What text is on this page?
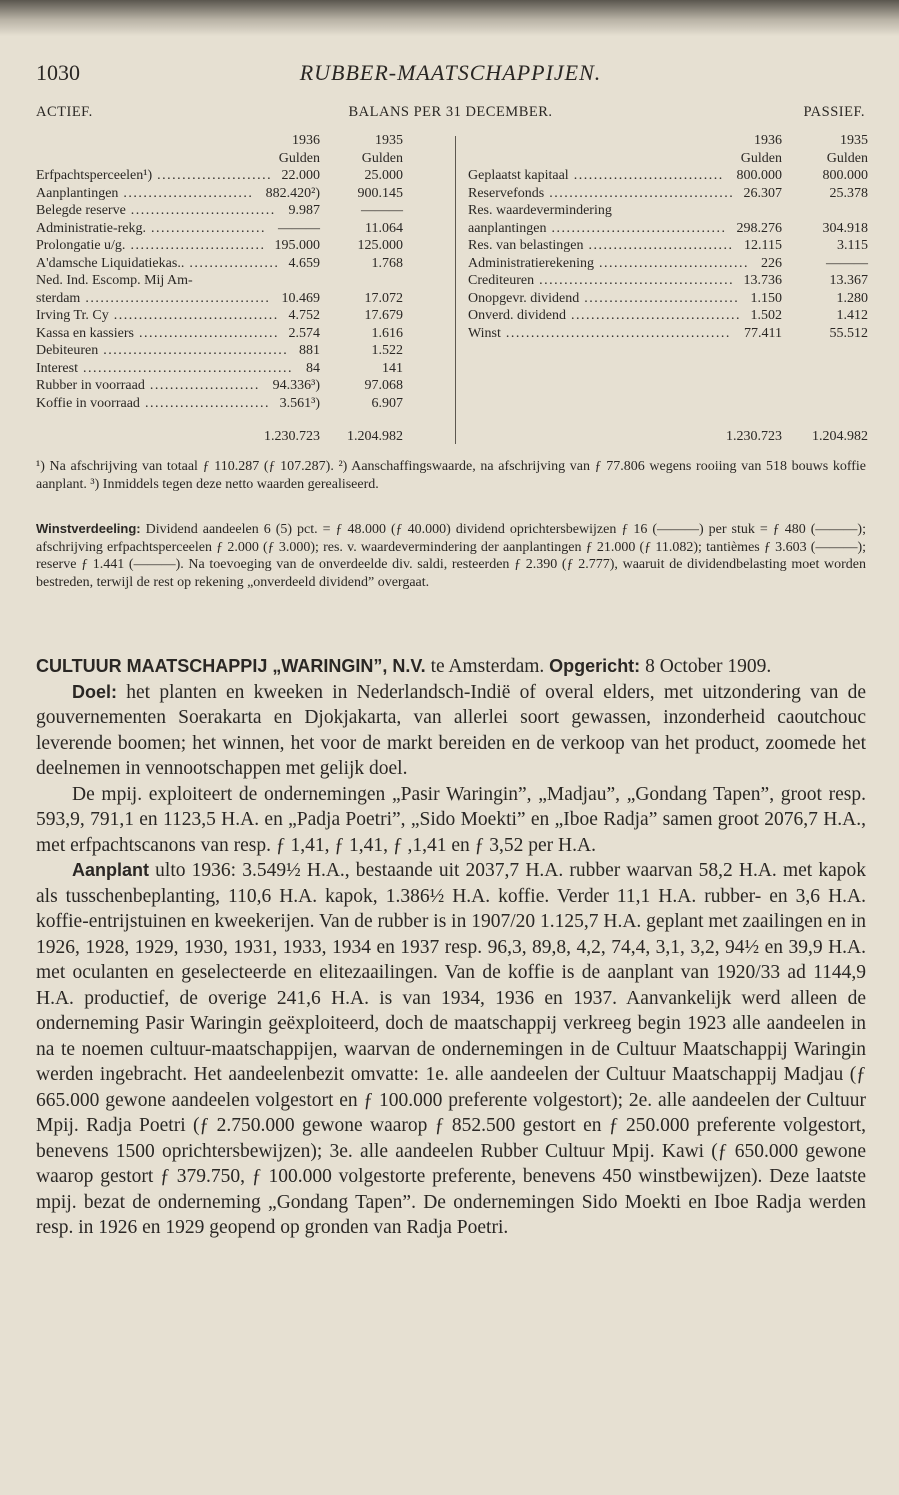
1030	RUBBER-MAATSCHAPPIJEN.
ACTIEF.	BALANS PER 31 DECEMBER.	PASSIEF.
1936	1935
Gulden	Gulden
Erfpachtsperceelen¹) ....................... 22.000	25.000
Aanplantingen .......................... 882.420²)	900.145
Belegde reserve ............................. 9.987	———
Administratie-rekg. ....................... ———	11.064
Prolongatie u/g. ........................... 195.000	125.000
A'damsche Liquidatiekas.. .................. 4.659	1.768
Ned. Ind. Escomp. Mij Am-
sterdam ..................................... 10.469	17.072
Irving Tr. Cy ................................. 4.752	17.679
Kassa en kassiers ............................ 2.574	1.616
Debiteuren ..................................... 881	1.522
Interest .......................................... 84	141
Rubber in voorraad ...................... 94.336³)	97.068
Koffie in voorraad ......................... 3.561³)	6.907
1.230.723 1.204.982
1936	1935
Gulden	Gulden
Geplaatst kapitaal .............................. 800.000	800.000
Reservefonds ..................................... 26.307	25.378
Res. waardevermindering
aanplantingen ................................... 298.276	304.918
Res. van belastingen ............................. 12.115	3.115
Administratierekening .............................. 226	———
Crediteuren ....................................... 13.736	13.367
Onopgevr. dividend ............................... 1.150	1.280
Onverd. dividend .................................. 1.502	1.412
Winst ............................................. 77.411	55.512
1.230.723 1.204.982

¹) Na afschrijving van totaal ƒ 110.287 (ƒ 107.287). ²) Aanschaffingswaarde, na afschrijving van ƒ 77.806 wegens rooiing van 518 bouws koffie aanplant. ³) Inmiddels tegen deze netto waarden gerealiseerd.

Winstverdeeling: Dividend aandeelen 6 (5) pct. = ƒ 48.000 (ƒ 40.000) dividend oprichtersbewijzen ƒ 16 (———) per stuk = ƒ 480 (———); afschrijving erfpachtsperceelen ƒ 2.000 (ƒ 3.000); res. v. waardevermindering der aanplantingen ƒ 21.000 (ƒ 11.082); tantièmes ƒ 3.603 (———); reserve ƒ 1.441 (———). Na toevoeging van de onverdeelde div. saldi, resteerden ƒ 2.390 (ƒ 2.777), waaruit de dividendbelasting moet worden bestreden, terwijl de rest op rekening „onverdeeld dividend” overgaat.

CULTUUR MAATSCHAPPIJ „WARINGIN”, N.V. te Amsterdam. Opgericht: 8 October 1909.

Doel: het planten en kweeken in Nederlandsch-Indië of overal elders, met uitzondering van de gouvernementen Soerakarta en Djokjakarta, van allerlei soort gewassen, inzonderheid caoutchouc leverende boomen; het winnen, het voor de markt bereiden en de verkoop van het product, zoomede het deelnemen in vennootschappen met gelijk doel.

De mpij. exploiteert de ondernemingen „Pasir Waringin”, „Madjau”, „Gondang Tapen”, groot resp. 593,9, 791,1 en 1123,5 H.A. en „Padja Poetri”, „Sido Moekti” en „Iboe Radja” samen groot 2076,7 H.A., met erfpachtscanons van resp. ƒ 1,41, ƒ 1,41, ƒ ,1,41 en ƒ 3,52 per H.A.

Aanplant ulto 1936: 3.549½ H.A., bestaande uit 2037,7 H.A. rubber waarvan 58,2 H.A. met kapok als tusschenbeplanting, 110,6 H.A. kapok, 1.386½ H.A. koffie. Verder 11,1 H.A. rubber- en 3,6 H.A. koffie-entrijstuinen en kweekerijen. Van de rubber is in 1907/20 1.125,7 H.A. geplant met zaailingen en in 1926, 1928, 1929, 1930, 1931, 1933, 1934 en 1937 resp. 96,3, 89,8, 4,2, 74,4, 3,1, 3,2, 94½ en 39,9 H.A. met oculanten en geselecteerde en elitezaailingen. Van de koffie is de aanplant van 1920/33 ad 1144,9 H.A. productief, de overige 241,6 H.A. is van 1934, 1936 en 1937. Aanvankelijk werd alleen de onderneming Pasir Waringin geëxploiteerd, doch de maatschappij verkreeg begin 1923 alle aandeelen in na te noemen cultuur-maatschappijen, waarvan de ondernemingen in de Cultuur Maatschappij Waringin werden ingebracht. Het aandeelenbezit omvatte: 1e. alle aandeelen der Cultuur Maatschappij Madjau (ƒ 665.000 gewone aandeelen volgestort en ƒ 100.000 preferente volgestort); 2e. alle aandeelen der Cultuur Mpij. Radja Poetri (ƒ 2.750.000 gewone waarop ƒ 852.500 gestort en ƒ 250.000 preferente volgestort, benevens 1500 oprichtersbewijzen); 3e. alle aandeelen Rubber Cultuur Mpij. Kawi (ƒ 650.000 gewone waarop gestort ƒ 379.750, ƒ 100.000 volgestorte preferente, benevens 450 winstbewijzen). Deze laatste mpij. bezat de onderneming „Gondang Tapen”. De ondernemingen Sido Moekti en Iboe Radja werden resp. in 1926 en 1929 geopend op gronden van Radja Poetri.
